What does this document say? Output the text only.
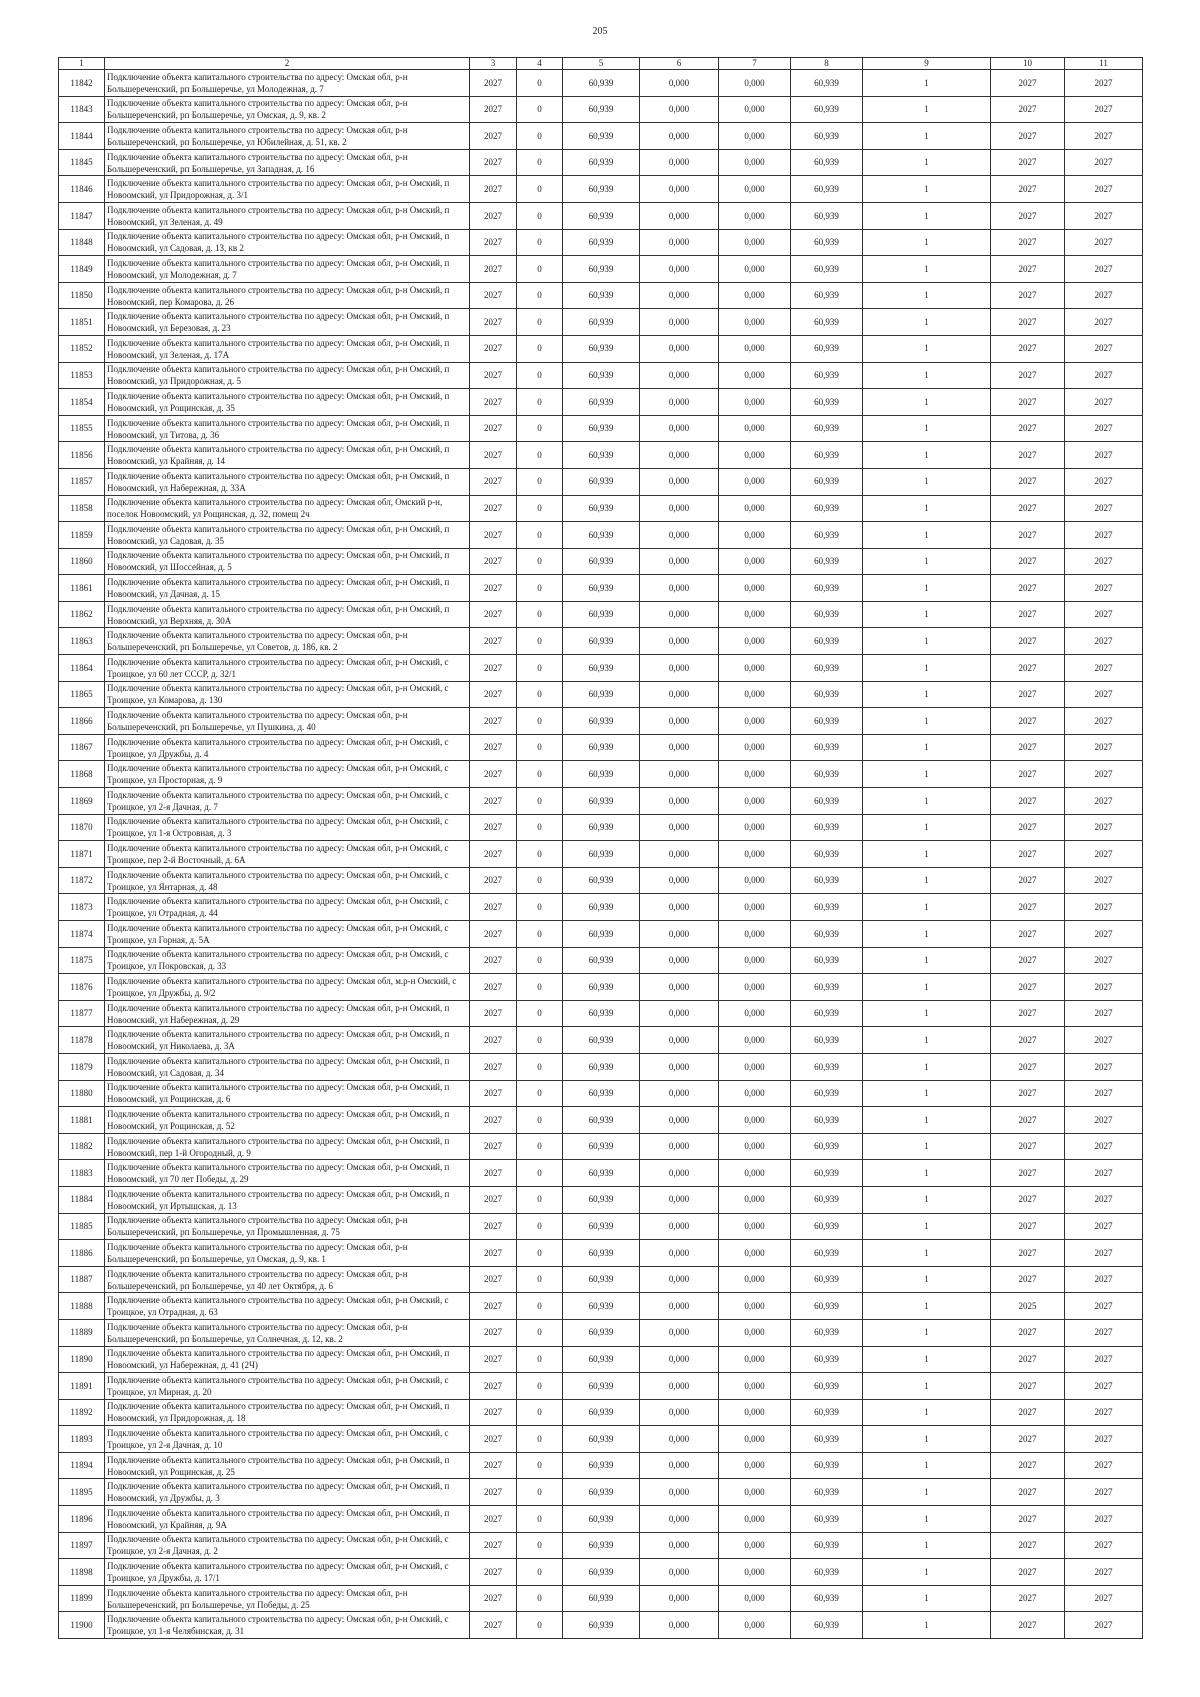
205
1	2	3	4	5	6	7	8	9	10	11
11842	Подключение объекта капитального строительства по адресу: Омская обл, р-н Большереченский, рп Большеречье, ул Молодежная, д. 7	2027	0	60,939	0,000	0,000	60,939	1	2027	2027
11843	Подключение объекта капитального строительства по адресу: Омская обл, р-н Большереченский, рп Большеречье, ул Омская, д. 9, кв. 2	2027	0	60,939	0,000	0,000	60,939	1	2027	2027
11844	Подключение объекта капитального строительства по адресу: Омская обл, р-н Большереченский, рп Большеречье, ул Юбилейная, д. 51, кв. 2	2027	0	60,939	0,000	0,000	60,939	1	2027	2027
11845	Подключение объекта капитального строительства по адресу: Омская обл, р-н Большереченский, рп Большеречье, ул Западная, д. 16	2027	0	60,939	0,000	0,000	60,939	1	2027	2027
11846	Подключение объекта капитального строительства по адресу: Омская обл, р-н Омский, п Новоомский, ул Придорожная, д. 3/1	2027	0	60,939	0,000	0,000	60,939	1	2027	2027
11847	Подключение объекта капитального строительства по адресу: Омская обл, р-н Омский, п Новоомский, ул Зеленая, д. 49	2027	0	60,939	0,000	0,000	60,939	1	2027	2027
11848	Подключение объекта капитального строительства по адресу: Омская обл, р-н Омский, п Новоомский, ул Садовая, д. 13, кв 2	2027	0	60,939	0,000	0,000	60,939	1	2027	2027
11849	Подключение объекта капитального строительства по адресу: Омская обл, р-н Омский, п Новоомский, ул Молодежная, д. 7	2027	0	60,939	0,000	0,000	60,939	1	2027	2027
11850	Подключение объекта капитального строительства по адресу: Омская обл, р-н Омский, п Новоомский, пер Комарова, д. 26	2027	0	60,939	0,000	0,000	60,939	1	2027	2027
11851	Подключение объекта капитального строительства по адресу: Омская обл, р-н Омский, п Новоомский, ул Березовая, д. 23	2027	0	60,939	0,000	0,000	60,939	1	2027	2027
11852	Подключение объекта капитального строительства по адресу: Омская обл, р-н Омский, п Новоомский, ул Зеленая, д. 17А	2027	0	60,939	0,000	0,000	60,939	1	2027	2027
11853	Подключение объекта капитального строительства по адресу: Омская обл, р-н Омский, п Новоомский, ул Придорожная, д. 5	2027	0	60,939	0,000	0,000	60,939	1	2027	2027
11854	Подключение объекта капитального строительства по адресу: Омская обл, р-н Омский, п Новоомский, ул Рощинская, д. 35	2027	0	60,939	0,000	0,000	60,939	1	2027	2027
11855	Подключение объекта капитального строительства по адресу: Омская обл, р-н Омский, п Новоомский, ул Титова, д. 36	2027	0	60,939	0,000	0,000	60,939	1	2027	2027
11856	Подключение объекта капитального строительства по адресу: Омская обл, р-н Омский, п Новоомский, ул Крайняя, д. 14	2027	0	60,939	0,000	0,000	60,939	1	2027	2027
11857	Подключение объекта капитального строительства по адресу: Омская обл, р-н Омский, п Новоомский, ул Набережная, д. 33А	2027	0	60,939	0,000	0,000	60,939	1	2027	2027
11858	Подключение объекта капитального строительства по адресу: Омская обл, Омский р-н, поселок Новоомский, ул Рощинская, д. 32, помещ 2ч	2027	0	60,939	0,000	0,000	60,939	1	2027	2027
11859	Подключение объекта капитального строительства по адресу: Омская обл, р-н Омский, п Новоомский, ул Садовая, д. 35	2027	0	60,939	0,000	0,000	60,939	1	2027	2027
11860	Подключение объекта капитального строительства по адресу: Омская обл, р-н Омский, п Новоомский, ул Шоссейная, д. 5	2027	0	60,939	0,000	0,000	60,939	1	2027	2027
11861	Подключение объекта капитального строительства по адресу: Омская обл, р-н Омский, п Новоомский, ул Дачная, д. 15	2027	0	60,939	0,000	0,000	60,939	1	2027	2027
11862	Подключение объекта капитального строительства по адресу: Омская обл, р-н Омский, п Новоомский, ул Верхняя, д. 30А	2027	0	60,939	0,000	0,000	60,939	1	2027	2027
11863	Подключение объекта капитального строительства по адресу: Омская обл, р-н Большереченский, рп Большеречье, ул Советов, д. 186, кв. 2	2027	0	60,939	0,000	0,000	60,939	1	2027	2027
11864	Подключение объекта капитального строительства по адресу: Омская обл, р-н Омский, с Троицкое, ул 60 лет СССР, д. 32/1	2027	0	60,939	0,000	0,000	60,939	1	2027	2027
11865	Подключение объекта капитального строительства по адресу: Омская обл, р-н Омский, с Троицкое, ул Комарова, д. 130	2027	0	60,939	0,000	0,000	60,939	1	2027	2027
11866	Подключение объекта капитального строительства по адресу: Омская обл, р-н Большереченский, рп Большеречье, ул Пушкина, д. 40	2027	0	60,939	0,000	0,000	60,939	1	2027	2027
11867	Подключение объекта капитального строительства по адресу: Омская обл, р-н Омский, с Троицкое, ул Дружбы, д. 4	2027	0	60,939	0,000	0,000	60,939	1	2027	2027
11868	Подключение объекта капитального строительства по адресу: Омская обл, р-н Омский, с Троицкое, ул Просторная, д. 9	2027	0	60,939	0,000	0,000	60,939	1	2027	2027
11869	Подключение объекта капитального строительства по адресу: Омская обл, р-н Омский, с Троицкое, ул 2-я Дачная, д. 7	2027	0	60,939	0,000	0,000	60,939	1	2027	2027
11870	Подключение объекта капитального строительства по адресу: Омская обл, р-н Омский, с Троицкое, ул 1-я Островная, д. 3	2027	0	60,939	0,000	0,000	60,939	1	2027	2027
11871	Подключение объекта капитального строительства по адресу: Омская обл, р-н Омский, с Троицкое, пер 2-й Восточный, д. 6А	2027	0	60,939	0,000	0,000	60,939	1	2027	2027
11872	Подключение объекта капитального строительства по адресу: Омская обл, р-н Омский, с Троицкое, ул Янтарная, д. 48	2027	0	60,939	0,000	0,000	60,939	1	2027	2027
11873	Подключение объекта капитального строительства по адресу: Омская обл, р-н Омский, с Троицкое, ул Отрадная, д. 44	2027	0	60,939	0,000	0,000	60,939	1	2027	2027
11874	Подключение объекта капитального строительства по адресу: Омская обл, р-н Омский, с Троицкое, ул Горная, д. 5А	2027	0	60,939	0,000	0,000	60,939	1	2027	2027
11875	Подключение объекта капитального строительства по адресу: Омская обл, р-н Омский, с Троицкое, ул Покровская, д. 33	2027	0	60,939	0,000	0,000	60,939	1	2027	2027
11876	Подключение объекта капитального строительства по адресу: Омская обл, м.р-н Омский, с Троицкое, ул Дружбы, д. 9/2	2027	0	60,939	0,000	0,000	60,939	1	2027	2027
11877	Подключение объекта капитального строительства по адресу: Омская обл, р-н Омский, п Новоомский, ул Набережная, д. 29	2027	0	60,939	0,000	0,000	60,939	1	2027	2027
11878	Подключение объекта капитального строительства по адресу: Омская обл, р-н Омский, п Новоомский, ул Николаева, д. 3А	2027	0	60,939	0,000	0,000	60,939	1	2027	2027
11879	Подключение объекта капитального строительства по адресу: Омская обл, р-н Омский, п Новоомский, ул Садовая, д. 34	2027	0	60,939	0,000	0,000	60,939	1	2027	2027
11880	Подключение объекта капитального строительства по адресу: Омская обл, р-н Омский, п Новоомский, ул Рощинская, д. 6	2027	0	60,939	0,000	0,000	60,939	1	2027	2027
11881	Подключение объекта капитального строительства по адресу: Омская обл, р-н Омский, п Новоомский, ул Рощинская, д. 52	2027	0	60,939	0,000	0,000	60,939	1	2027	2027
11882	Подключение объекта капитального строительства по адресу: Омская обл, р-н Омский, п Новоомский, пер 1-й Огородный, д. 9	2027	0	60,939	0,000	0,000	60,939	1	2027	2027
11883	Подключение объекта капитального строительства по адресу: Омская обл, р-н Омский, п Новоомский, ул 70 лет Победы, д. 29	2027	0	60,939	0,000	0,000	60,939	1	2027	2027
11884	Подключение объекта капитального строительства по адресу: Омская обл, р-н Омский, п Новоомский, ул Иртышская, д. 13	2027	0	60,939	0,000	0,000	60,939	1	2027	2027
11885	Подключение объекта капитального строительства по адресу: Омская обл, р-н Большереченский, рп Большеречье, ул Промышленная, д. 75	2027	0	60,939	0,000	0,000	60,939	1	2027	2027
11886	Подключение объекта капитального строительства по адресу: Омская обл, р-н Большереченский, рп Большеречье, ул Омская, д. 9, кв. 1	2027	0	60,939	0,000	0,000	60,939	1	2027	2027
11887	Подключение объекта капитального строительства по адресу: Омская обл, р-н Большереченский, рп Большеречье, ул 40 лет Октября, д. 6	2027	0	60,939	0,000	0,000	60,939	1	2027	2027
11888	Подключение объекта капитального строительства по адресу: Омская обл, р-н Омский, с Троицкое, ул Отрадная, д. 63	2027	0	60,939	0,000	0,000	60,939	1	2025	2027
11889	Подключение объекта капитального строительства по адресу: Омская обл, р-н Большереченский, рп Большеречье, ул Солнечная, д. 12, кв. 2	2027	0	60,939	0,000	0,000	60,939	1	2027	2027
11890	Подключение объекта капитального строительства по адресу: Омская обл, р-н Омский, п Новоомский, ул Набережная, д. 41 (2Ч)	2027	0	60,939	0,000	0,000	60,939	1	2027	2027
11891	Подключение объекта капитального строительства по адресу: Омская обл, р-н Омский, с Троицкое, ул Мирная, д. 20	2027	0	60,939	0,000	0,000	60,939	1	2027	2027
11892	Подключение объекта капитального строительства по адресу: Омская обл, р-н Омский, п Новоомский, ул Придорожная, д. 18	2027	0	60,939	0,000	0,000	60,939	1	2027	2027
11893	Подключение объекта капитального строительства по адресу: Омская обл, р-н Омский, с Троицкое, ул 2-я Дачная, д. 10	2027	0	60,939	0,000	0,000	60,939	1	2027	2027
11894	Подключение объекта капитального строительства по адресу: Омская обл, р-н Омский, п Новоомский, ул Рощинская, д. 25	2027	0	60,939	0,000	0,000	60,939	1	2027	2027
11895	Подключение объекта капитального строительства по адресу: Омская обл, р-н Омский, п Новоомский, ул Дружбы, д. 3	2027	0	60,939	0,000	0,000	60,939	1	2027	2027
11896	Подключение объекта капитального строительства по адресу: Омская обл, р-н Омский, п Новоомский, ул Крайняя, д. 9А	2027	0	60,939	0,000	0,000	60,939	1	2027	2027
11897	Подключение объекта капитального строительства по адресу: Омская обл, р-н Омский, с Троицкое, ул 2-я Дачная, д. 2	2027	0	60,939	0,000	0,000	60,939	1	2027	2027
11898	Подключение объекта капитального строительства по адресу: Омская обл, р-н Омский, с Троицкое, ул Дружбы, д. 17/1	2027	0	60,939	0,000	0,000	60,939	1	2027	2027
11899	Подключение объекта капитального строительства по адресу: Омская обл, р-н Большереченский, рп Большеречье, ул Победы, д. 25	2027	0	60,939	0,000	0,000	60,939	1	2027	2027
11900	Подключение объекта капитального строительства по адресу: Омская обл, р-н Омский, с Троицкое, ул 1-я Челябинская, д. 31	2027	0	60,939	0,000	0,000	60,939	1	2027	2027
